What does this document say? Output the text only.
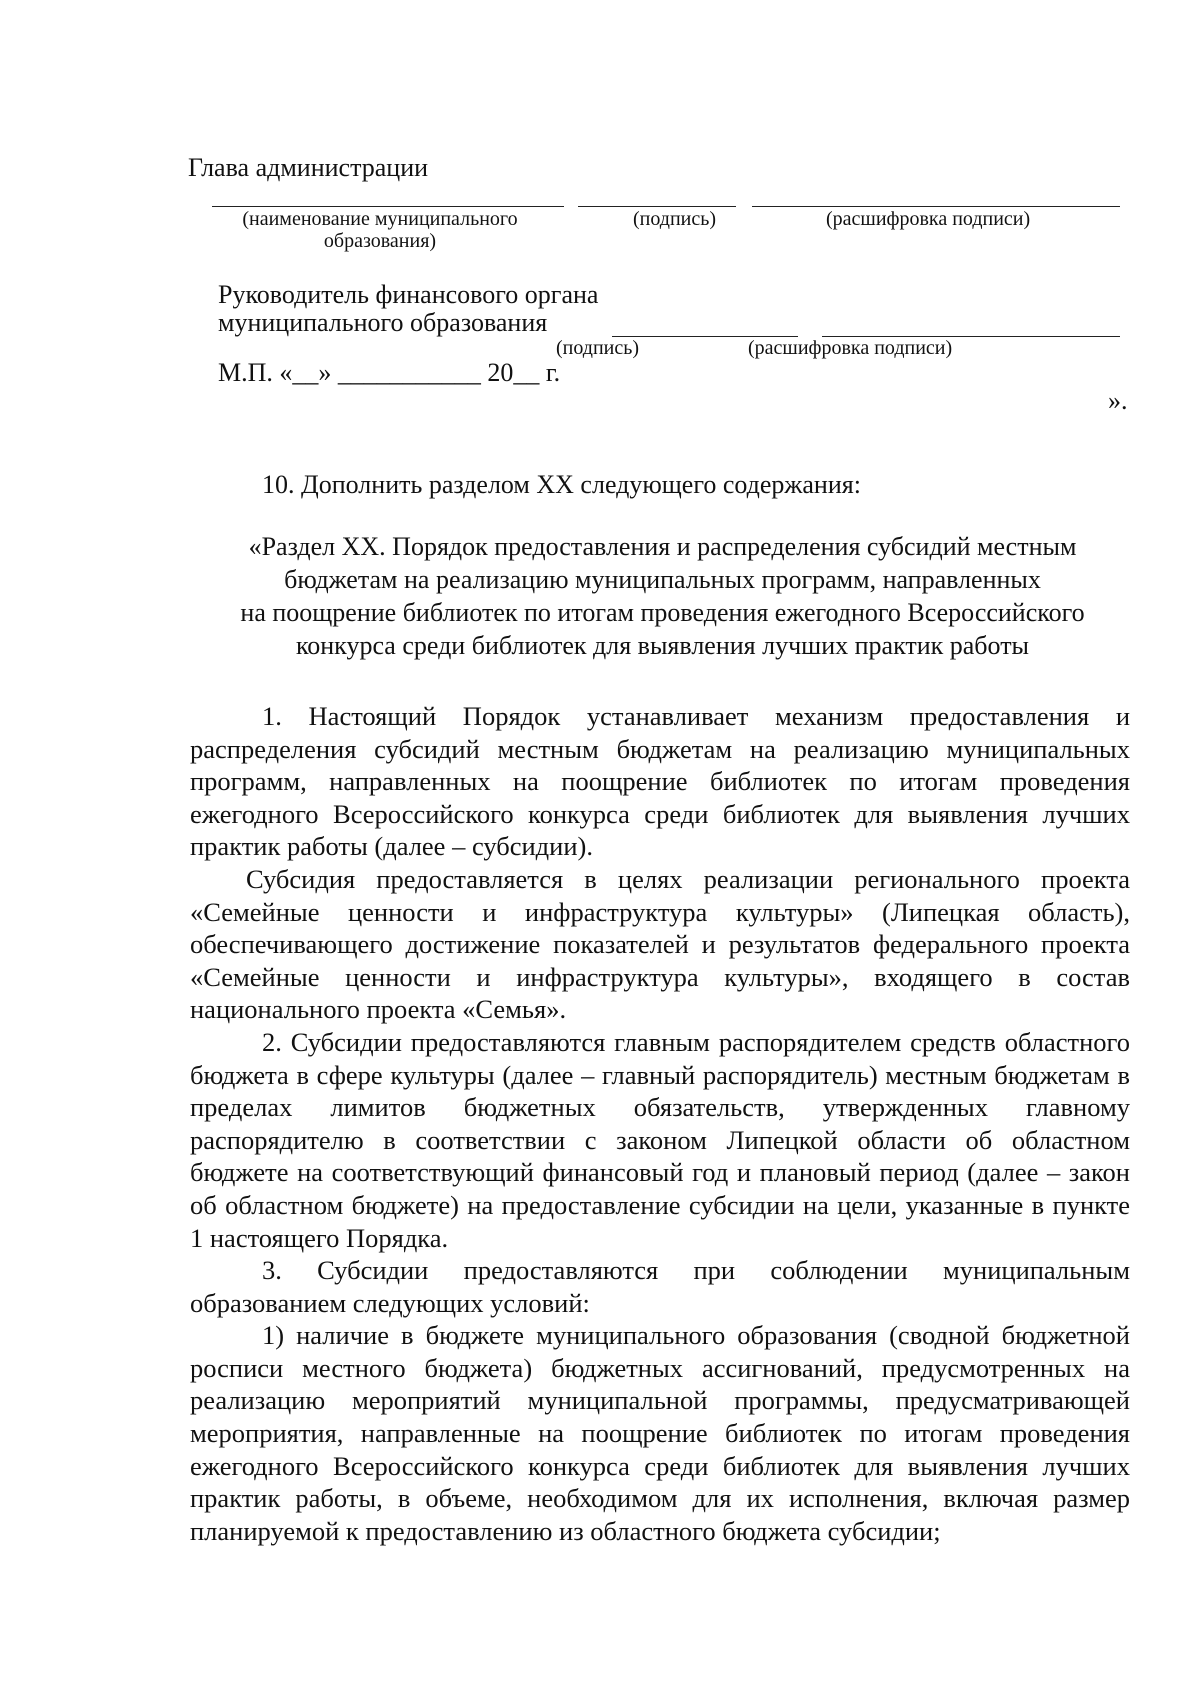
Глава администрации
(наименование муниципального
образования)
(подпись)	(расшифровка подписи)
Руководитель финансового органа
муниципального образования
(подпись)	(расшифровка подписи)
М.П. «__» ___________ 20__ г.
».
10. Дополнить разделом XX следующего содержания:
«Раздел XX. Порядок предоставления и распределения субсидий местным
бюджетам на реализацию муниципальных программ, направленных
на поощрение библиотек по итогам проведения ежегодного Всероссийского
конкурса среди библиотек для выявления лучших практик работы

1. Настоящий Порядок устанавливает механизм предоставления и распределения субсидий местным бюджетам на реализацию муниципальных программ, направленных на поощрение библиотек по итогам проведения ежегодного Всероссийского конкурса среди библиотек для выявления лучших практик работы (далее – субсидии).

Субсидия предоставляется в целях реализации регионального проекта «Семейные ценности и инфраструктура культуры» (Липецкая область), обеспечивающего достижение показателей и результатов федерального проекта «Семейные ценности и инфраструктура культуры», входящего в состав национального проекта «Семья».

2. Субсидии предоставляются главным распорядителем средств областного бюджета в сфере культуры (далее – главный распорядитель) местным бюджетам в пределах лимитов бюджетных обязательств, утвержденных главному распорядителю в соответствии с законом Липецкой области об областном бюджете на соответствующий финансовый год и плановый период (далее – закон об областном бюджете) на предоставление субсидии на цели, указанные в пункте 1 настоящего Порядка.

3. Субсидии предоставляются при соблюдении муниципальным образованием следующих условий:

1) наличие в бюджете муниципального образования (сводной бюджетной росписи местного бюджета) бюджетных ассигнований, предусмотренных на реализацию мероприятий муниципальной программы, предусматривающей мероприятия, направленные на поощрение библиотек по итогам проведения ежегодного Всероссийского конкурса среди библиотек для выявления лучших практик работы, в объеме, необходимом для их исполнения, включая размер планируемой к предоставлению из областного бюджета субсидии;
